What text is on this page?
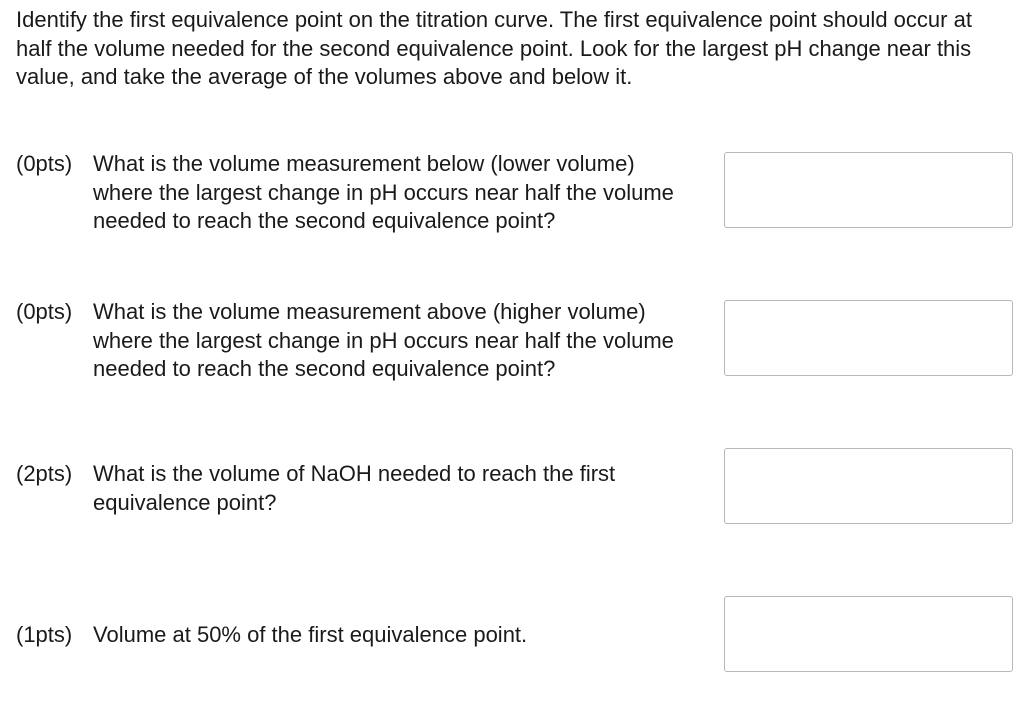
Identify the first equivalence point on the titration curve. The first equivalence point should occur at half the volume needed for the second equivalence point. Look for the largest pH change near this value, and take the average of the volumes above and below it.

(0pts) What is the volume measurement below (lower volume) where the largest change in pH occurs near half the volume needed to reach the second equivalence point?
(0pts) What is the volume measurement above (higher volume) where the largest change in pH occurs near half the volume needed to reach the second equivalence point?
(2pts) What is the volume of NaOH needed to reach the first equivalence point?
(1pts) Volume at 50% of the first equivalence point.
